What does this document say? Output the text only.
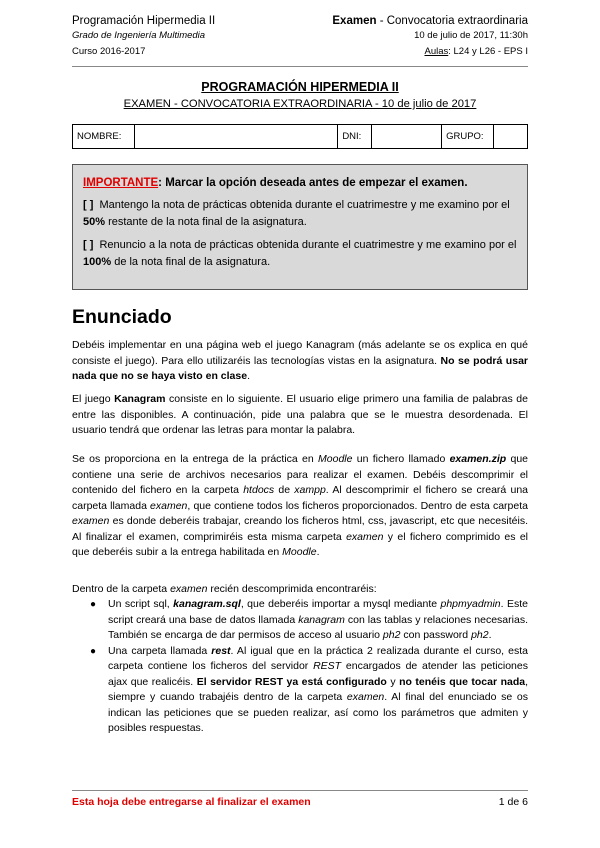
Programación Hipermedia II
Grado de Ingeniería Multimedia
Curso 2016-2017
Examen - Convocatoria extraordinaria
10 de julio de 2017, 11:30h
Aulas: L24 y L26 - EPS I
PROGRAMACIÓN HIPERMEDIA II
EXAMEN - CONVOCATORIA EXTRAORDINARIA - 10 de julio de 2017
NOMBRE:		DNI:		GRUPO:	
IMPORTANTE: Marcar la opción deseada antes de empezar el examen.
[ ] Mantengo la nota de prácticas obtenida durante el cuatrimestre y me examino por el 50% restante de la nota final de la asignatura.
[ ] Renuncio a la nota de prácticas obtenida durante el cuatrimestre y me examino por el 100% de la nota final de la asignatura.
Enunciado
Debéis implementar en una página web el juego Kanagram (más adelante se os explica en qué consiste el juego). Para ello utilizaréis las tecnologías vistas en la asignatura. No se podrá usar nada que no se haya visto en clase.
El juego Kanagram consiste en lo siguiente. El usuario elige primero una familia de palabras de entre las disponibles. A continuación, pide una palabra que se le muestra desordenada. El usuario tendrá que ordenar las letras para montar la palabra.
Se os proporciona en la entrega de la práctica en Moodle un fichero llamado examen.zip que contiene una serie de archivos necesarios para realizar el examen. Debéis descomprimir el contenido del fichero en la carpeta htdocs de xampp. Al descomprimir el fichero se creará una carpeta llamada examen, que contiene todos los ficheros proporcionados. Dentro de esta carpeta examen es donde deberéis trabajar, creando los ficheros html, css, javascript, etc que necesitéis. Al finalizar el examen, comprimiréis esta misma carpeta examen y el fichero comprimido es el que deberéis subir a la entrega habilitada en Moodle.
Dentro de la carpeta examen recién descomprimida encontraréis:
● Un script sql, kanagram.sql, que deberéis importar a mysql mediante phpmyadmin. Este script creará una base de datos llamada kanagram con las tablas y relaciones necesarias. También se encarga de dar permisos de acceso al usuario ph2 con password ph2.
● Una carpeta llamada rest. Al igual que en la práctica 2 realizada durante el curso, esta carpeta contiene los ficheros del servidor REST encargados de atender las peticiones ajax que realicéis. El servidor REST ya está configurado y no tenéis que tocar nada, siempre y cuando trabajéis dentro de la carpeta examen. Al final del enunciado se os indican las peticiones que se pueden realizar, así como los parámetros que admiten y posibles respuestas.
Esta hoja debe entregarse al finalizar el examen	1 de 6
